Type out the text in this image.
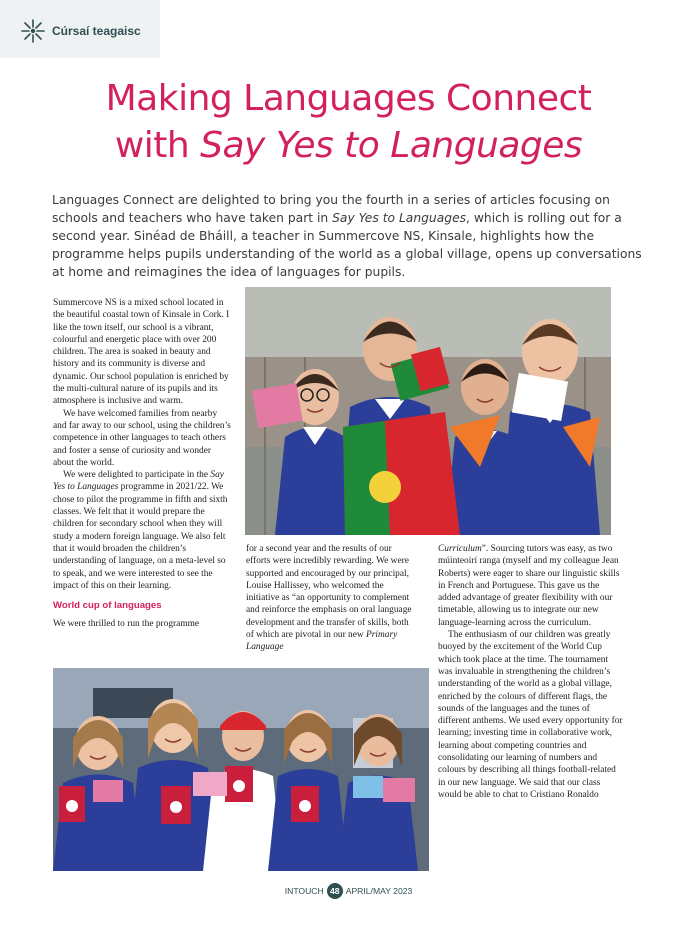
Cúrsaí teagaisc
Making Languages Connect
with Say Yes to Languages

Languages Connect are delighted to bring you the fourth in a series of articles focusing on schools and teachers who have taken part in Say Yes to Languages, which is rolling out for a second year. Sinéad de Bháill, a teacher in Summercove NS, Kinsale, highlights how the programme helps pupils understanding of the world as a global village, opens up conversations at home and reimagines the idea of languages for pupils.

Summercove NS is a mixed school located in the beautiful coastal town of Kinsale in Cork. I like the town itself, our school is a vibrant, colourful and energetic place with over 200 children. The area is soaked in beauty and history and its community is diverse and dynamic. Our school population is enriched by the multi-cultural nature of its pupils and its atmosphere is inclusive and warm.

We have welcomed families from nearby and far away to our school, using the children’s competence in other languages to teach others and foster a sense of curiosity and wonder about the world.

We were delighted to participate in the Say Yes to Languages programme in 2021/22. We chose to pilot the programme in fifth and sixth classes. We felt that it would prepare the children for secondary school when they will study a modern foreign language. We also felt that it would broaden the children’s understanding of language, on a meta-level so to speak, and we were interested to see the impact of this on their learning.

World cup of languages

We were thrilled to run the programme

for a second year and the results of our efforts were incredibly rewarding. We were supported and encouraged by our principal, Louise Hallissey, who welcomed the initiative as “an opportunity to complement and reinforce the emphasis on oral language development and the transfer of skills, both of which are pivotal in our new Primary Language

Curriculum”. Sourcing tutors was easy, as two múinteoirí ranga (myself and my colleague Jean Roberts) were eager to share our linguistic skills in French and Portuguese. This gave us the added advantage of greater flexibility with our timetable, allowing us to integrate our new language-learning across the curriculum.

The enthusiasm of our children was greatly buoyed by the excitement of the World Cup which took place at the time. The tournament was invaluable in strengthening the children’s understanding of the world as a global village, enriched by the colours of different flags, the sounds of the languages and the tunes of different anthems. We used every opportunity for learning; investing time in collaborative work, learning about competing countries and consolidating our learning of numbers and colours by describing all things football-related in our new language. We said that our class would be able to chat to Cristiano Ronaldo

INTOUCH 48 APRIL/MAY 2023
